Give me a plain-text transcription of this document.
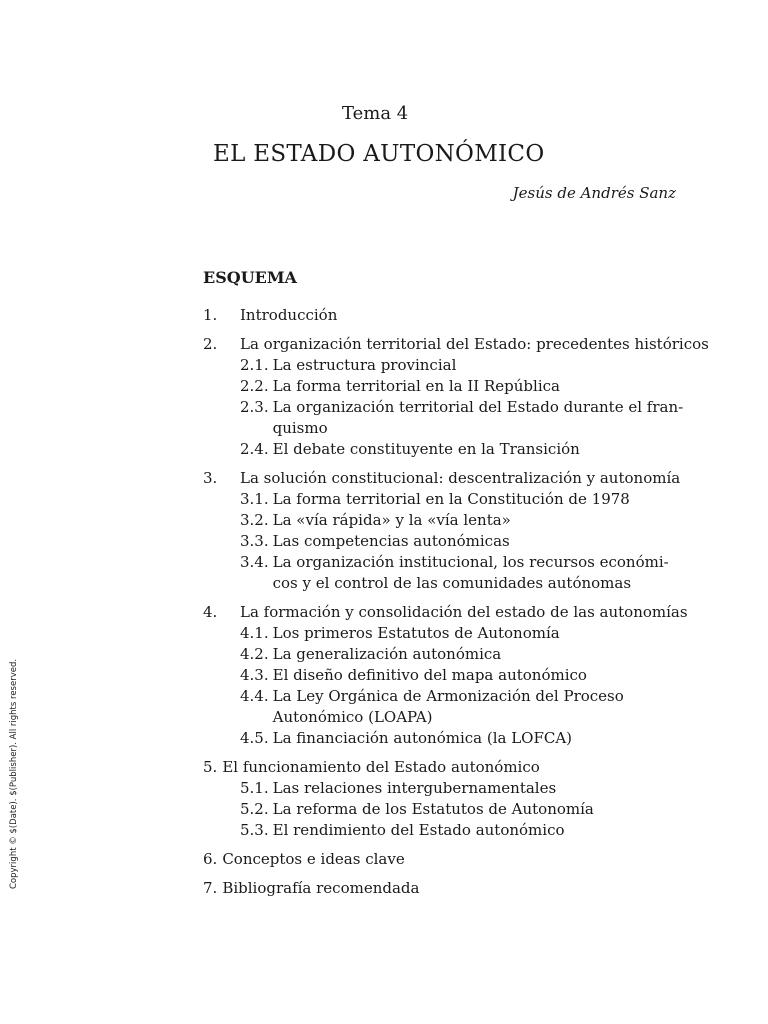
Tema 4
EL ESTADO AUTONÓMICO
Jesús de Andrés Sanz
ESQUEMA
1.	Introducción
2.	La organización territorial del Estado: precedentes históricos
2.1. La estructura provincial
2.2. La forma territorial en la II República
2.3. La organización territorial del Estado durante el fran-
quismo
2.4. El debate constituyente en la Transición
3.	La solución constitucional: descentralización y autonomía
3.1. La forma territorial en la Constitución de 1978
3.2. La «vía rápida» y la «vía lenta»
3.3. Las competencias autonómicas
3.4. La organización institucional, los recursos económi-
cos y el control de las comunidades autónomas
4.	La formación y consolidación del estado de las autonomías
4.1. Los primeros Estatutos de Autonomía
4.2. La generalización autonómica
4.3. El diseño definitivo del mapa autonómico
4.4. La Ley Orgánica de Armonización del Proceso
Autonómico (LOAPA)
4.5. La financiación autonómica (la LOFCA)
5. El funcionamiento del Estado autonómico
5.1. Las relaciones intergubernamentales
5.2. La reforma de los Estatutos de Autonomía
5.3. El rendimiento del Estado autonómico
6. Conceptos e ideas clave
7. Bibliografía recomendada
Copyright © $(Date). $(Publisher). All rights reserved.
